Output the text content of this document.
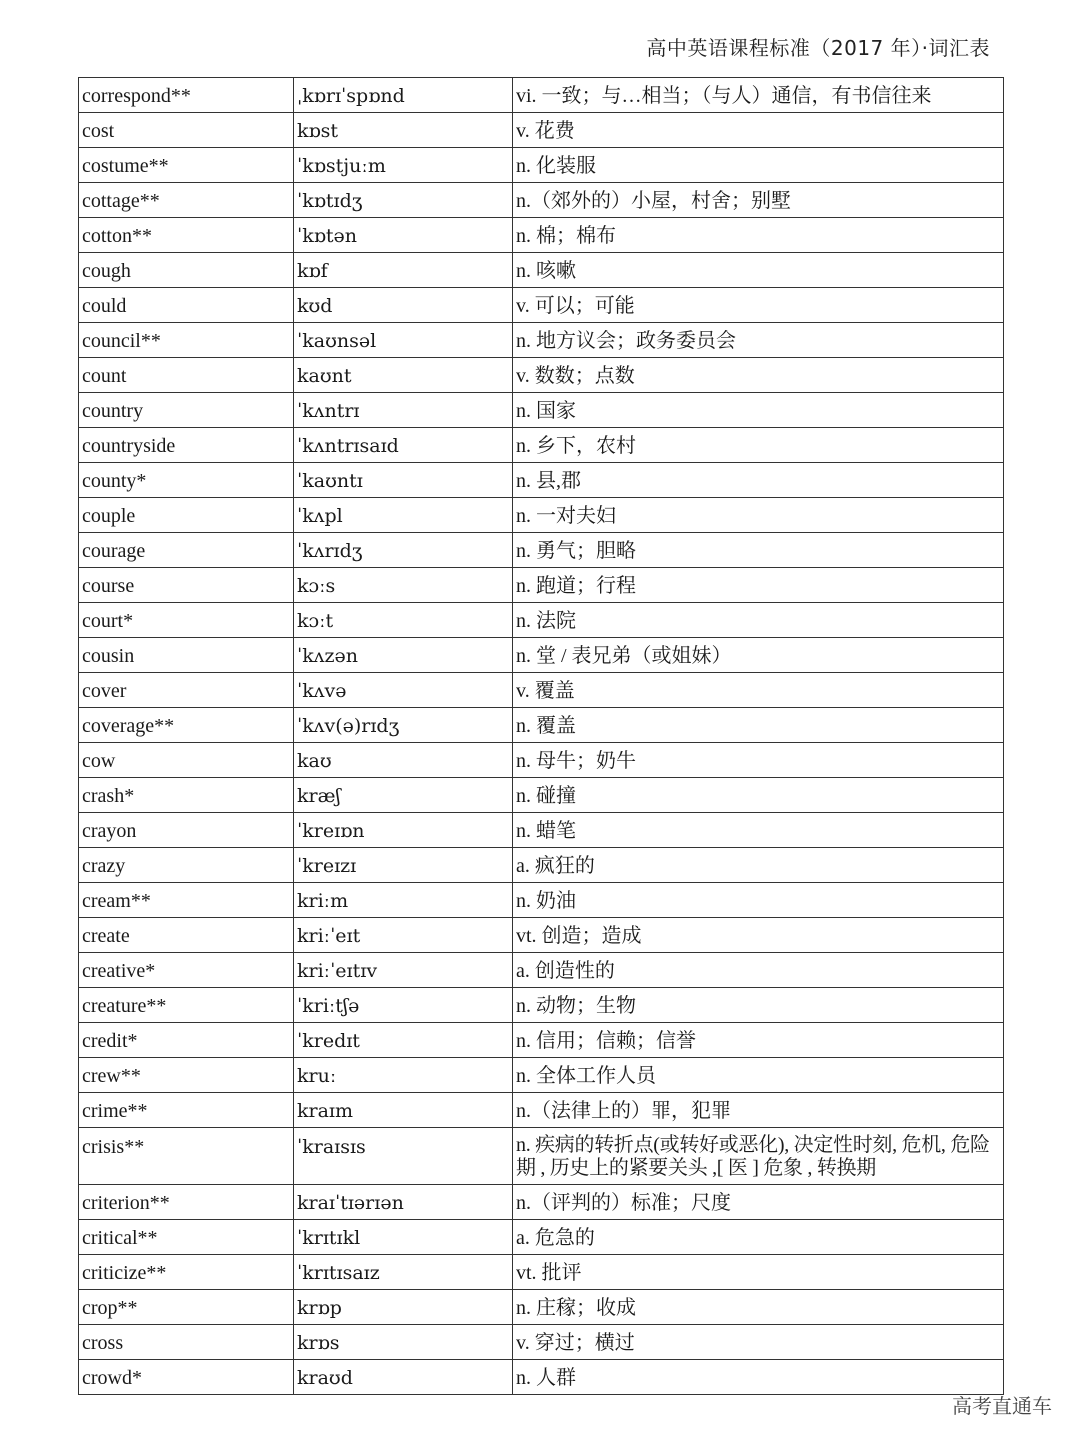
高中英语课程标准（2017 年）·词汇表
correspond**	ˌkɒrɪˈspɒnd	vi. 一致；与…相当；（与人）通信，有书信往来
cost	kɒst	v. 花费
costume**	ˈkɒstjuːm	n. 化装服
cottage**	ˈkɒtɪdʒ	n.（郊外的）小屋，村舍；别墅
cotton**	ˈkɒtən	n. 棉；棉布
cough	kɒf	n. 咳嗽
could	kʊd	v. 可以；可能
council**	ˈkaʊnsəl	n. 地方议会；政务委员会
count	kaʊnt	v. 数数；点数
country	ˈkʌntrɪ	n. 国家
countryside	ˈkʌntrɪsaɪd	n. 乡下，农村
county*	ˈkaʊntɪ	n. 县,郡
couple	ˈkʌpl	n. 一对夫妇
courage	ˈkʌrɪdʒ	n. 勇气；胆略
course	kɔːs	n. 跑道；行程
court*	kɔːt	n. 法院
cousin	ˈkʌzən	n. 堂 / 表兄弟（或姐妹）
cover	ˈkʌvə	v. 覆盖
coverage**	ˈkʌv(ə)rɪdʒ	n. 覆盖
cow	kaʊ	n. 母牛；奶牛
crash*	kræʃ	n. 碰撞
crayon	ˈkreɪɒn	n. 蜡笔
crazy	ˈkreɪzɪ	a. 疯狂的
cream**	kriːm	n. 奶油
create	kriːˈeɪt	vt. 创造；造成
creative*	kriːˈeɪtɪv	a. 创造性的
creature**	ˈkriːtʃə	n. 动物；生物
credit*	ˈkredɪt	n. 信用；信赖；信誉
crew**	kruː	n. 全体工作人员
crime**	kraɪm	n.（法律上的）罪，犯罪
crisis**	ˈkraɪsɪs	n. 疾病的转折点(或转好或恶化), 决定性时刻, 危机, 危险期 , 历史上的紧要关头 ,[ 医 ] 危象 , 转换期
criterion**	kraɪˈtɪərɪən	n.（评判的）标准；尺度
critical**	ˈkrɪtɪkl	a. 危急的
criticize**	ˈkrɪtɪsaɪz	vt. 批评
crop**	krɒp	n. 庄稼；收成
cross	krɒs	v. 穿过；横过
crowd*	kraʊd	n. 人群
高考直通车
